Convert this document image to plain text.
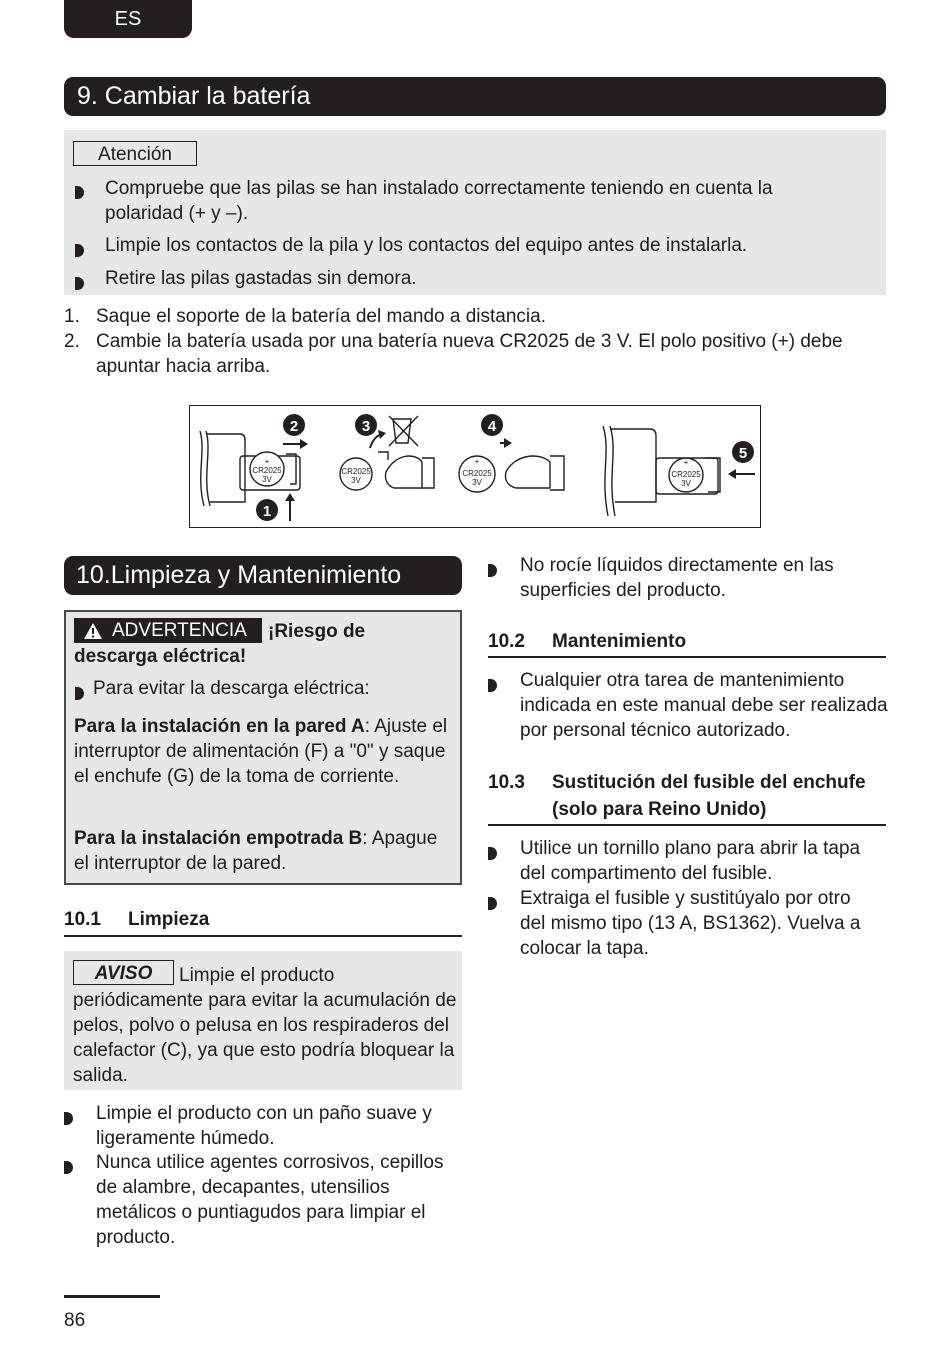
ES
9. Cambiar la batería
Atención
Compruebe que las pilas se han instalado correctamente teniendo en cuenta la polaridad (+ y –).
Limpie los contactos de la pila y los contactos del equipo antes de instalarla.
Retire las pilas gastadas sin demora.
1. Saque el soporte de la batería del mando a distancia.
2. Cambie la batería usada por una batería nueva CR2025 de 3 V. El polo positivo (+) debe apuntar hacia arriba.
+
CR2025
3V
CR2025
3V
+
CR2025
3V
+
CR2025
3V
1
2	3	4
5
10.Limpieza y Mantenimiento
ADVERTENCIA	¡Riesgo de
descarga eléctrica!
Para evitar la descarga eléctrica:
Para la instalación en la pared A: Ajuste el interruptor de alimentación (F) a "0" y saque el enchufe (G) de la toma de corriente.
Para la instalación empotrada B: Apague el interruptor de la pared.
10.1 Limpieza
AVISO	Limpie el producto periódicamente para evitar la acumulación de pelos, polvo o pelusa en los respiraderos del calefactor (C), ya que esto podría bloquear la salida.
Limpie el producto con un paño suave y ligeramente húmedo.
Nunca utilice agentes corrosivos, cepillos de alambre, decapantes, utensilios metálicos o puntiagudos para limpiar el producto.
No rocíe líquidos directamente en las superficies del producto.
10.2 Mantenimiento
Cualquier otra tarea de mantenimiento indicada en este manual debe ser realizada por personal técnico autorizado.
10.3 Sustitución del fusible del enchufe
(solo para Reino Unido)
Utilice un tornillo plano para abrir la tapa del compartimento del fusible.
Extraiga el fusible y sustitúyalo por otro del mismo tipo (13 A, BS1362). Vuelva a colocar la tapa.
86
